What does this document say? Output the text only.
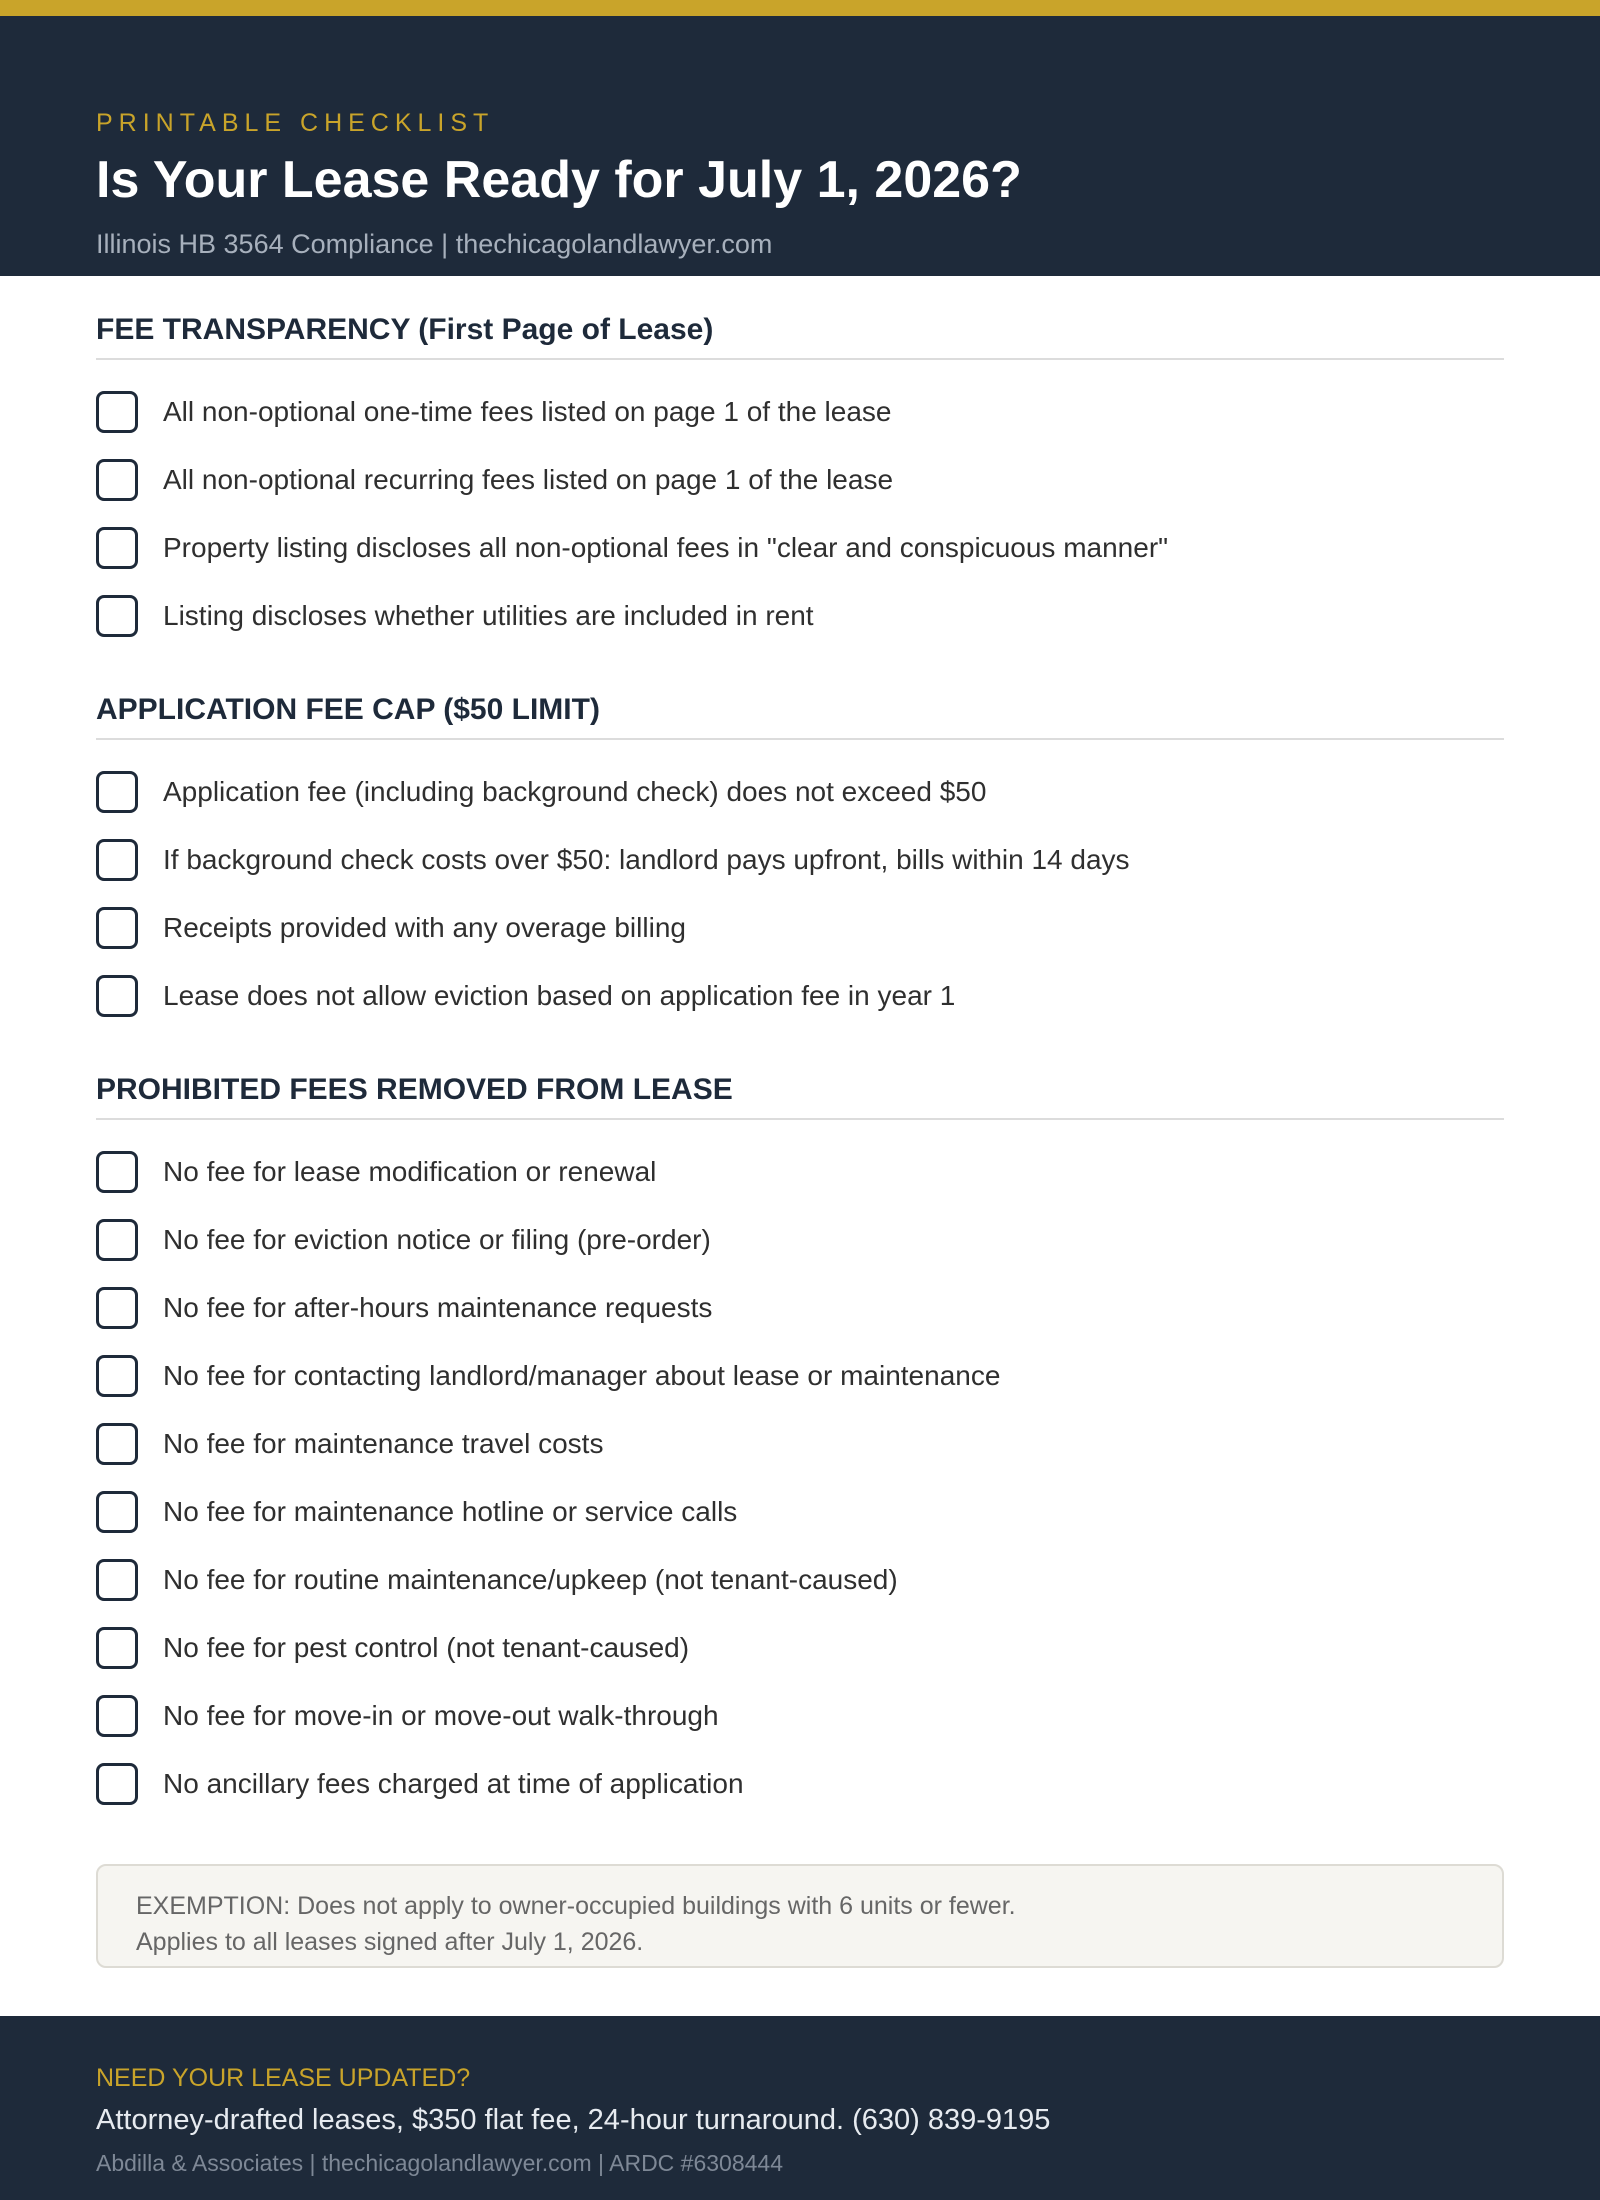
PRINTABLE CHECKLIST
Is Your Lease Ready for July 1, 2026?
Illinois HB 3564 Compliance | thechicagolandlawyer.com
FEE TRANSPARENCY (First Page of Lease)
All non-optional one-time fees listed on page 1 of the lease
All non-optional recurring fees listed on page 1 of the lease
Property listing discloses all non-optional fees in "clear and conspicuous manner"
Listing discloses whether utilities are included in rent
APPLICATION FEE CAP ($50 LIMIT)
Application fee (including background check) does not exceed $50
If background check costs over $50: landlord pays upfront, bills within 14 days
Receipts provided with any overage billing
Lease does not allow eviction based on application fee in year 1
PROHIBITED FEES REMOVED FROM LEASE
No fee for lease modification or renewal
No fee for eviction notice or filing (pre-order)
No fee for after-hours maintenance requests
No fee for contacting landlord/manager about lease or maintenance
No fee for maintenance travel costs
No fee for maintenance hotline or service calls
No fee for routine maintenance/upkeep (not tenant-caused)
No fee for pest control (not tenant-caused)
No fee for move-in or move-out walk-through
No ancillary fees charged at time of application
EXEMPTION: Does not apply to owner-occupied buildings with 6 units or fewer.
Applies to all leases signed after July 1, 2026.
NEED YOUR LEASE UPDATED?
Attorney-drafted leases, $350 flat fee, 24-hour turnaround. (630) 839-9195
Abdilla & Associates | thechicagolandlawyer.com | ARDC #6308444
